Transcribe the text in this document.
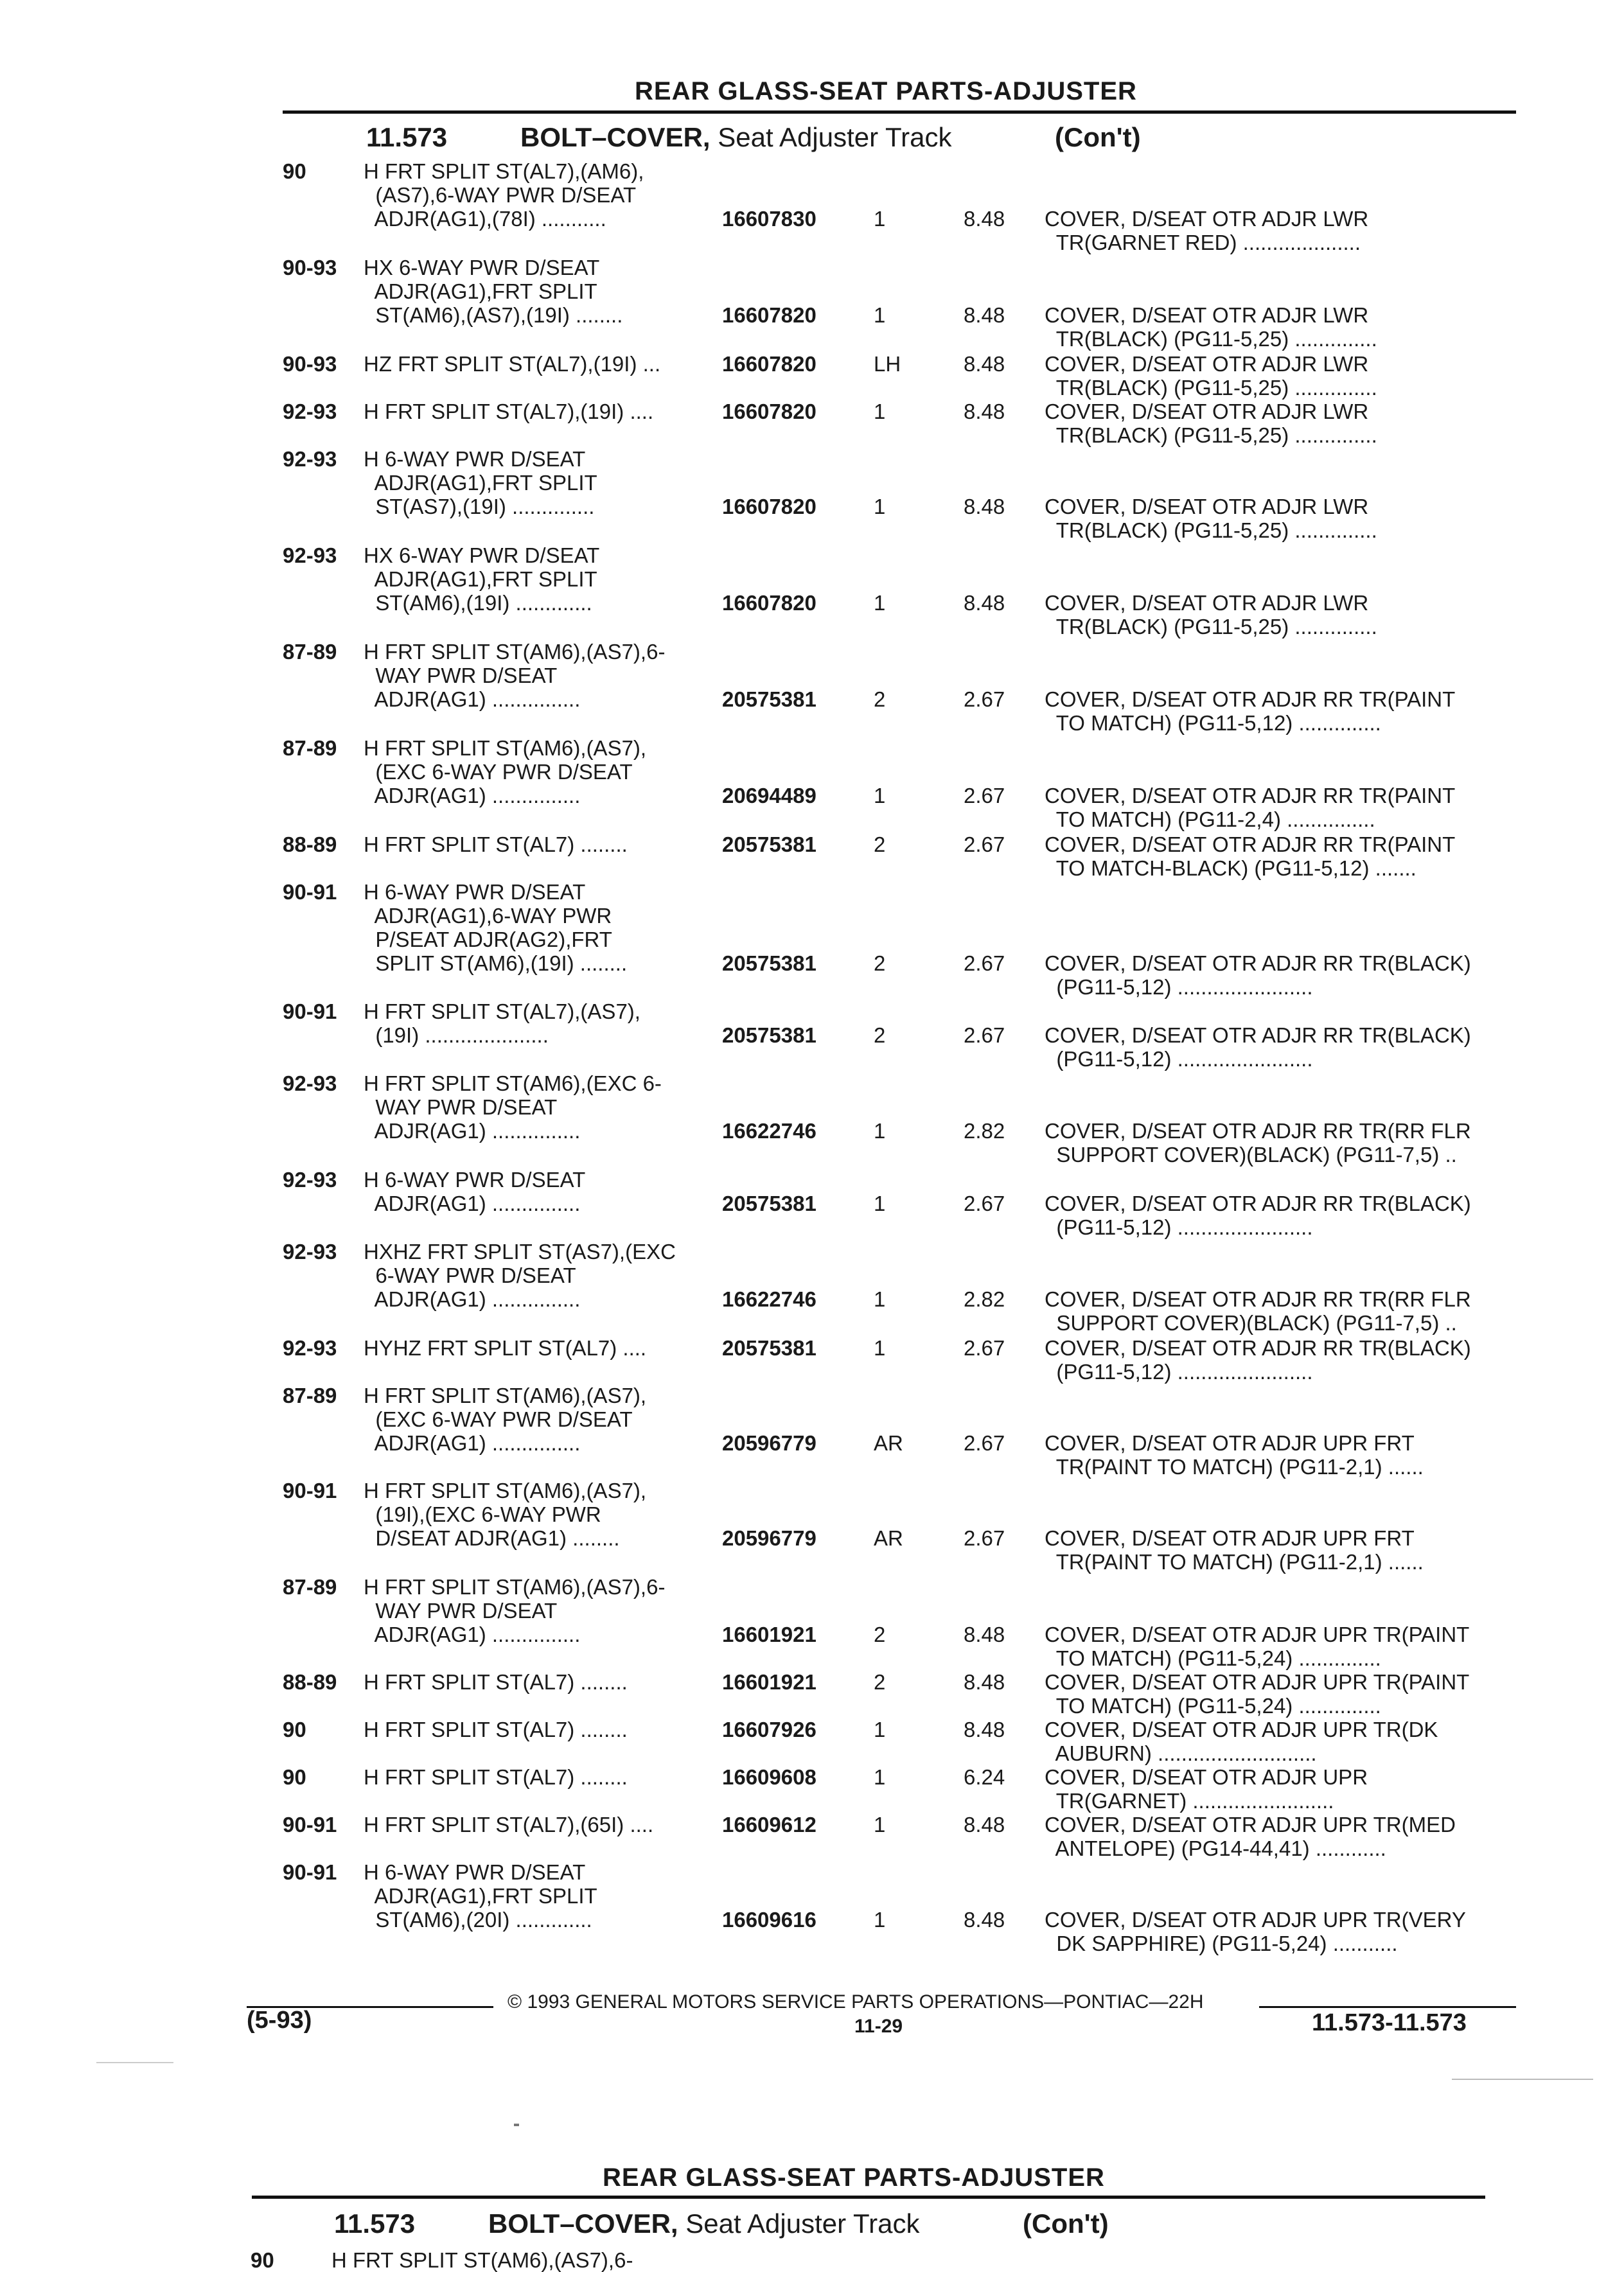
REAR GLASS-SEAT PARTS-ADJUSTER
11.573	BOLT–COVER, Seat Adjuster Track	(Con't)
90	H FRT SPLIT ST(AL7),(AM6),
(AS7),6-WAY PWR D/SEAT
ADJR(AG1),(78I) ...........	16607830	1	8.48 COVER, D/SEAT OTR ADJR LWR
TR(GARNET RED) ....................
90-93 HX 6-WAY PWR D/SEAT
ADJR(AG1),FRT SPLIT
ST(AM6),(AS7),(19I) ........	16607820	1	8.48 COVER, D/SEAT OTR ADJR LWR
TR(BLACK) (PG11-5,25) ..............
90-93 HZ FRT SPLIT ST(AL7),(19I) ...	16607820	LH	8.48 COVER, D/SEAT OTR ADJR LWR
TR(BLACK) (PG11-5,25) ..............
92-93 H FRT SPLIT ST(AL7),(19I) ....	16607820	1	8.48 COVER, D/SEAT OTR ADJR LWR
TR(BLACK) (PG11-5,25) ..............
92-93 H 6-WAY PWR D/SEAT
ADJR(AG1),FRT SPLIT
ST(AS7),(19I) ..............	16607820	1	8.48 COVER, D/SEAT OTR ADJR LWR
TR(BLACK) (PG11-5,25) ..............
92-93 HX 6-WAY PWR D/SEAT
ADJR(AG1),FRT SPLIT
ST(AM6),(19I) .............	16607820	1	8.48 COVER, D/SEAT OTR ADJR LWR
TR(BLACK) (PG11-5,25) ..............
87-89 H FRT SPLIT ST(AM6),(AS7),6-
WAY PWR D/SEAT
ADJR(AG1) ...............	20575381	2	2.67 COVER, D/SEAT OTR ADJR RR TR(PAINT
TO MATCH) (PG11-5,12) ..............
87-89 H FRT SPLIT ST(AM6),(AS7),
(EXC 6-WAY PWR D/SEAT
ADJR(AG1) ...............	20694489	1	2.67 COVER, D/SEAT OTR ADJR RR TR(PAINT
TO MATCH) (PG11-2,4) ...............
88-89 H FRT SPLIT ST(AL7) ........	20575381	2	2.67 COVER, D/SEAT OTR ADJR RR TR(PAINT
TO MATCH-BLACK) (PG11-5,12) .......
90-91 H 6-WAY PWR D/SEAT
ADJR(AG1),6-WAY PWR
P/SEAT ADJR(AG2),FRT
SPLIT ST(AM6),(19I) ........	20575381	2	2.67 COVER, D/SEAT OTR ADJR RR TR(BLACK)
(PG11-5,12) .......................
90-91 H FRT SPLIT ST(AL7),(AS7),
(19I) .....................	20575381	2	2.67 COVER, D/SEAT OTR ADJR RR TR(BLACK)
(PG11-5,12) .......................
92-93 H FRT SPLIT ST(AM6),(EXC 6-
WAY PWR D/SEAT
ADJR(AG1) ...............	16622746	1	2.82 COVER, D/SEAT OTR ADJR RR TR(RR FLR
SUPPORT COVER)(BLACK) (PG11-7,5) ..
92-93 H 6-WAY PWR D/SEAT
ADJR(AG1) ...............	20575381	1	2.67 COVER, D/SEAT OTR ADJR RR TR(BLACK)
(PG11-5,12) .......................
92-93 HXHZ FRT SPLIT ST(AS7),(EXC
6-WAY PWR D/SEAT
ADJR(AG1) ...............	16622746	1	2.82 COVER, D/SEAT OTR ADJR RR TR(RR FLR
SUPPORT COVER)(BLACK) (PG11-7,5) ..
92-93 HYHZ FRT SPLIT ST(AL7) ....	20575381	1	2.67 COVER, D/SEAT OTR ADJR RR TR(BLACK)
(PG11-5,12) .......................
87-89 H FRT SPLIT ST(AM6),(AS7),
(EXC 6-WAY PWR D/SEAT
ADJR(AG1) ...............	20596779	AR	2.67 COVER, D/SEAT OTR ADJR UPR FRT
TR(PAINT TO MATCH) (PG11-2,1) ......
90-91 H FRT SPLIT ST(AM6),(AS7),
(19I),(EXC 6-WAY PWR
D/SEAT ADJR(AG1) ........	20596779	AR	2.67 COVER, D/SEAT OTR ADJR UPR FRT
TR(PAINT TO MATCH) (PG11-2,1) ......
87-89 H FRT SPLIT ST(AM6),(AS7),6-
WAY PWR D/SEAT
ADJR(AG1) ...............	16601921	2	8.48 COVER, D/SEAT OTR ADJR UPR TR(PAINT
TO MATCH) (PG11-5,24) ..............
88-89 H FRT SPLIT ST(AL7) ........	16601921	2	8.48 COVER, D/SEAT OTR ADJR UPR TR(PAINT
TO MATCH) (PG11-5,24) ..............
90	H FRT SPLIT ST(AL7) ........	16607926	1	8.48 COVER, D/SEAT OTR ADJR UPR TR(DK
AUBURN) ...........................
90	H FRT SPLIT ST(AL7) ........	16609608	1	6.24 COVER, D/SEAT OTR ADJR UPR
TR(GARNET) ........................
90-91 H FRT SPLIT ST(AL7),(65I) ....	16609612	1	8.48 COVER, D/SEAT OTR ADJR UPR TR(MED
ANTELOPE) (PG14-44,41) ............
90-91 H 6-WAY PWR D/SEAT
ADJR(AG1),FRT SPLIT
ST(AM6),(20I) .............	16609616	1	8.48 COVER, D/SEAT OTR ADJR UPR TR(VERY
DK SAPPHIRE) (PG11-5,24) ...........
© 1993 GENERAL MOTORS SERVICE PARTS OPERATIONS—PONTIAC—22H
(5-93)	11-29	11.573-11.573
REAR GLASS-SEAT PARTS-ADJUSTER
11.573	BOLT–COVER, Seat Adjuster Track	(Con't)
90	H FRT SPLIT ST(AM6),(AS7),6-
